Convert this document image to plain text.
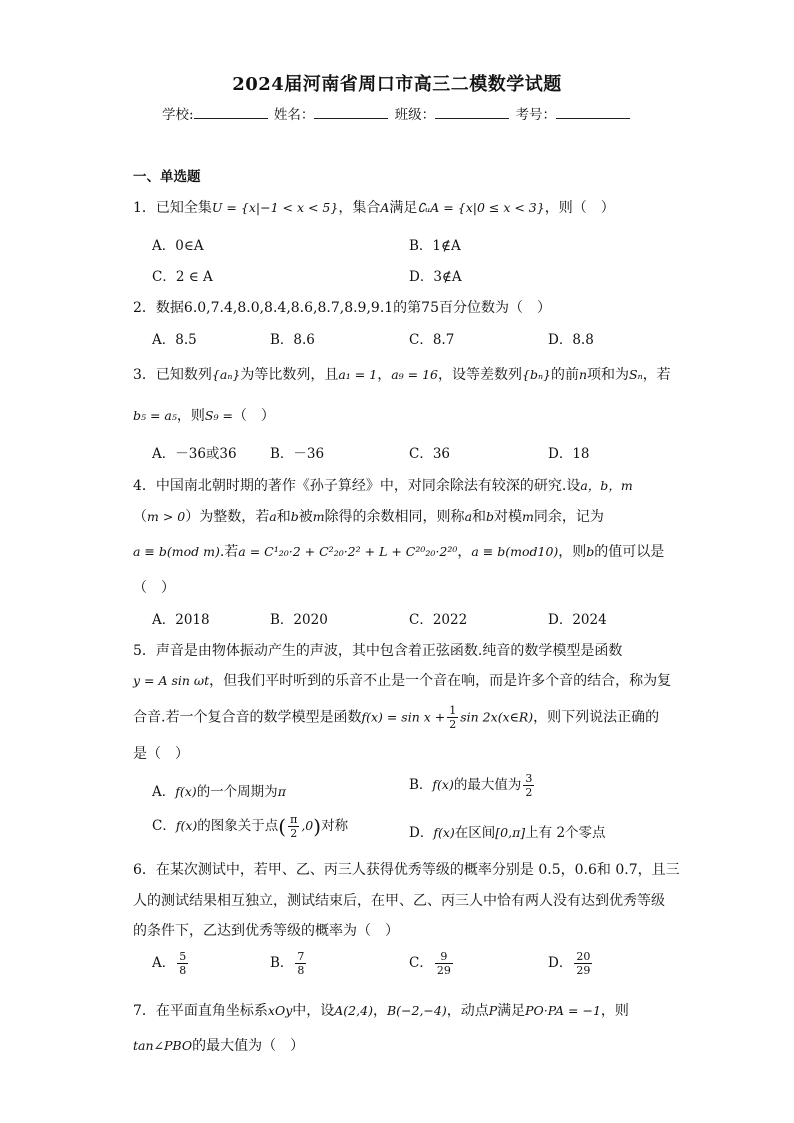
2024届河南省周口市高三二模数学试题
学校:	姓名：	班级：	考号：
一、单选题
1．已知全集U = {x|−1 < x < 5}，集合A满足∁ᵤA = {x|0 ≤ x < 3}，则（　）
A．0∈A	B．1∉A
C．2 ∈ A	D．3∉A
2．数据6.0,7.4,8.0,8.4,8.6,8.7,8.9,9.1的第75百分位数为（　）
A．8.5	B．8.6	C．8.7	D．8.8
3．已知数列{aₙ}为等比数列，且a₁ = 1，a₉ = 16，设等差数列{bₙ}的前n项和为Sₙ，若
b₅ = a₅，则S₉ =（　）
A．－36或36 B．－36	C．36	D．18
4．中国南北朝时期的著作《孙子算经》中，对同余除法有较深的研究.设a，b，m
（m > 0）为整数，若a和b被m除得的余数相同，则称a和b对模m同余，记为
a ≡ b(mod m).若a = C¹₂₀·2 + C²₂₀·2² + L + C²⁰₂₀·2²⁰，a ≡ b(mod10)，则b的值可以是
（　）
A．2018	B．2020	C．2022	D．2024
5．声音是由物体振动产生的声波，其中包含着正弦函数.纯音的数学模型是函数
y = A sin ωt，但我们平时听到的乐音不止是一个音在响，而是许多个音的结合，称为复
合音.若一个复合音的数学模型是函数$f(x) = \sin x + \frac{1}{2}$ sin 2x(x∈R)，则下列说法正确的
是（　）
A．f(x)的一个周期为π	B．f(x)的最大值为 $\frac{3}{2}$
C．f(x)的图象关于点( $\frac{\pi}{2} ,0$)对称	D．f(x)在区间[0,π]上有 2个零点
6．在某次测试中，若甲、乙、丙三人获得优秀等级的概率分别是 0.5，0.6和 0.7，且三
人的测试结果相互独立，测试结束后，在甲、乙、丙三人中恰有两人没有达到优秀等级
的条件下，乙达到优秀等级的概率为（　）
A． $\frac{5}{8}$	B． $\frac{7}{8}$	C． $\frac{9}{29}$	D． $\frac{20}{29}$
7．在平面直角坐标系xOy中，设A(2,4)，B(−2,−4)，动点P满足PO·PA = −1，则
tan∠PBO的最大值为（　）
